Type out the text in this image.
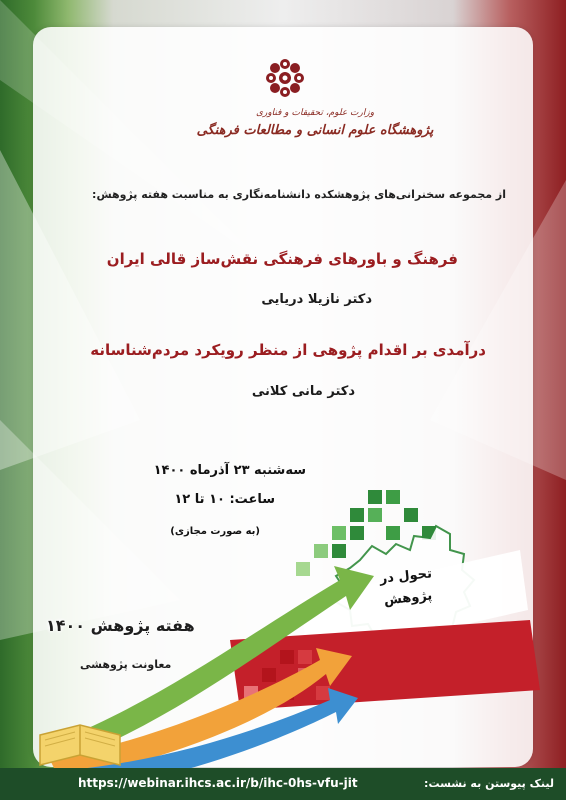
وزارت علوم، تحقیقات و فناوری
پژوهشگاه علوم انسانی و مطالعات فرهنگی
از مجموعه سخنرانی‌های پژوهشکده دانشنامه‌نگاری به مناسبت هفته پژوهش:
فرهنگ و باورهای فرهنگی نقش‌ساز قالی ایران
دکتر نازیلا دریایی
درآمدی بر اقدام پژوهی از منظر رویکرد مردم‌شناسانه
دکتر مانی کلانی
سه‌شنبه ۲۳ آذرماه ۱۴۰۰
ساعت: ۱۰ تا ۱۲
(به صورت مجازی)
تحول در
پژوهش
هفته پژوهش ۱۴۰۰
معاونت پژوهشی
لینک پیوستن به نشست:
https://webinar.ihcs.ac.ir/b/ihc-0hs-vfu-jit
